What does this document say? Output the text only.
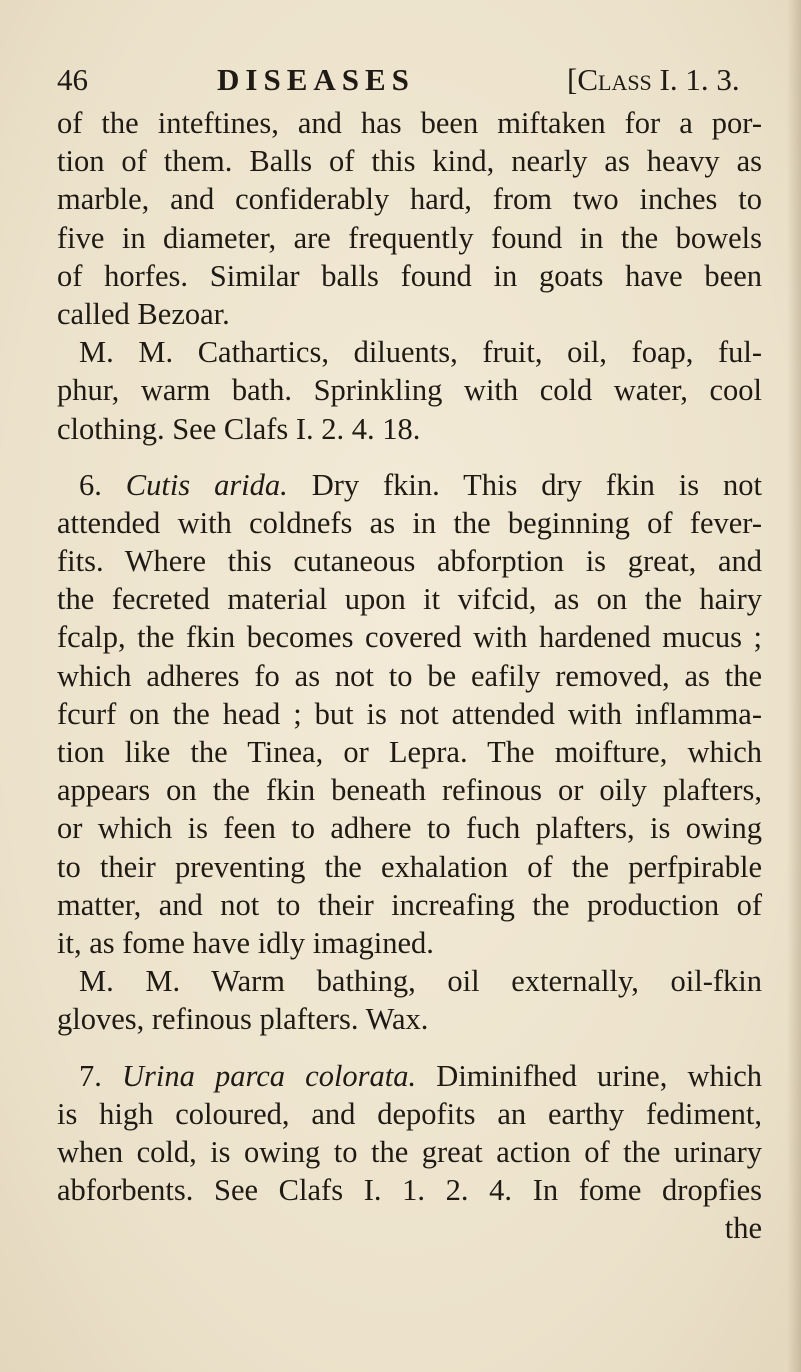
46	DISEASES	[Class I. 1. 3.
of the inteftines, and has been miftaken for a por-
tion of them. Balls of this kind, nearly as heavy as
marble, and confiderably hard, from two inches to
five in diameter, are frequently found in the bowels
of horfes. Similar balls found in goats have been
called Bezoar.
M. M. Cathartics, diluents, fruit, oil, foap, ful-
phur, warm bath. Sprinkling with cold water, cool
clothing. See Clafs I. 2. 4. 18.
6. Cutis arida. Dry fkin. This dry fkin is not
attended with coldnefs as in the beginning of fever-
fits. Where this cutaneous abforption is great, and
the fecreted material upon it vifcid, as on the hairy
fcalp, the fkin becomes covered with hardened mucus ;
which adheres fo as not to be eafily removed, as the
fcurf on the head ; but is not attended with inflamma-
tion like the Tinea, or Lepra. The moifture, which
appears on the fkin beneath refinous or oily plafters,
or which is feen to adhere to fuch plafters, is owing
to their preventing the exhalation of the perfpirable
matter, and not to their increafing the production of
it, as fome have idly imagined.
M. M. Warm bathing, oil externally, oil-fkin
gloves, refinous plafters. Wax.
7. Urina parca colorata. Diminifhed urine, which
is high coloured, and depofits an earthy fediment,
when cold, is owing to the great action of the urinary
abforbents. See Clafs I. 1. 2. 4. In fome dropfies
the
